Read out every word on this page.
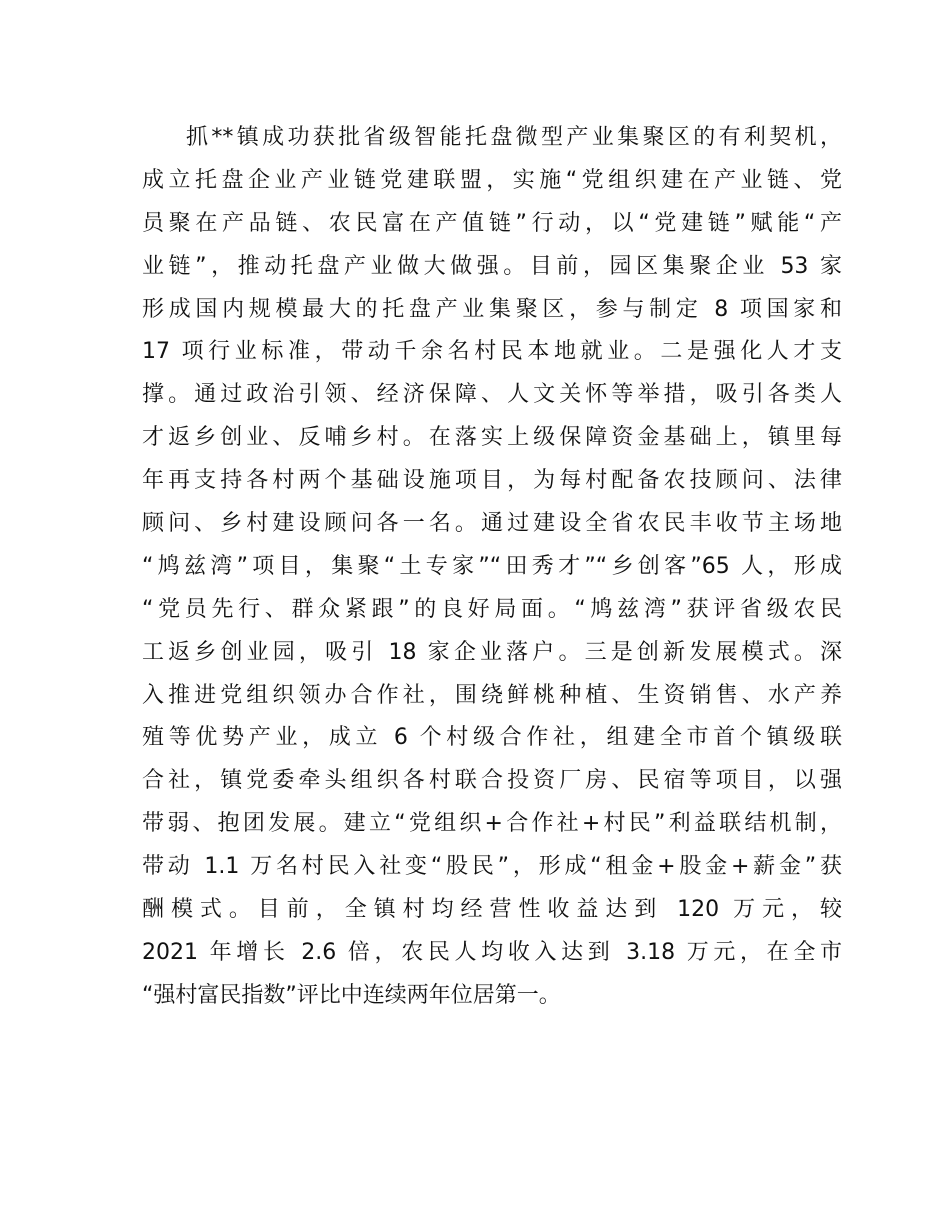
抓**镇成功获批省级智能托盘微型产业集聚区的有利契机，
成立托盘企业产业链党建联盟，实施“党组织建在产业链、党
员聚在产品链、农民富在产值链”行动，以“党建链”赋能“产
业链”，推动托盘产业做大做强。目前，园区集聚企业 53 家
形成国内规模最大的托盘产业集聚区，参与制定 8 项国家和
17 项行业标准，带动千余名村民本地就业。二是强化人才支
撑。通过政治引领、经济保障、人文关怀等举措，吸引各类人
才返乡创业、反哺乡村。在落实上级保障资金基础上，镇里每
年再支持各村两个基础设施项目，为每村配备农技顾问、法律
顾问、乡村建设顾问各一名。通过建设全省农民丰收节主场地
“鸠兹湾”项目，集聚“土专家”“田秀才”“乡创客”65 人，形成
“党员先行、群众紧跟”的良好局面。“鸠兹湾”获评省级农民
工返乡创业园，吸引 18 家企业落户。三是创新发展模式。深
入推进党组织领办合作社，围绕鲜桃种植、生资销售、水产养
殖等优势产业，成立 6 个村级合作社，组建全市首个镇级联
合社，镇党委牵头组织各村联合投资厂房、民宿等项目，以强
带弱、抱团发展。建立“党组织+合作社+村民”利益联结机制，
带动 1.1 万名村民入社变“股民”，形成“租金+股金+薪金”获
酬模式。目前，全镇村均经营性收益达到 120 万元，较
2021 年增长 2.6 倍，农民人均收入达到 3.18 万元，在全市
“强村富民指数”评比中连续两年位居第一。
